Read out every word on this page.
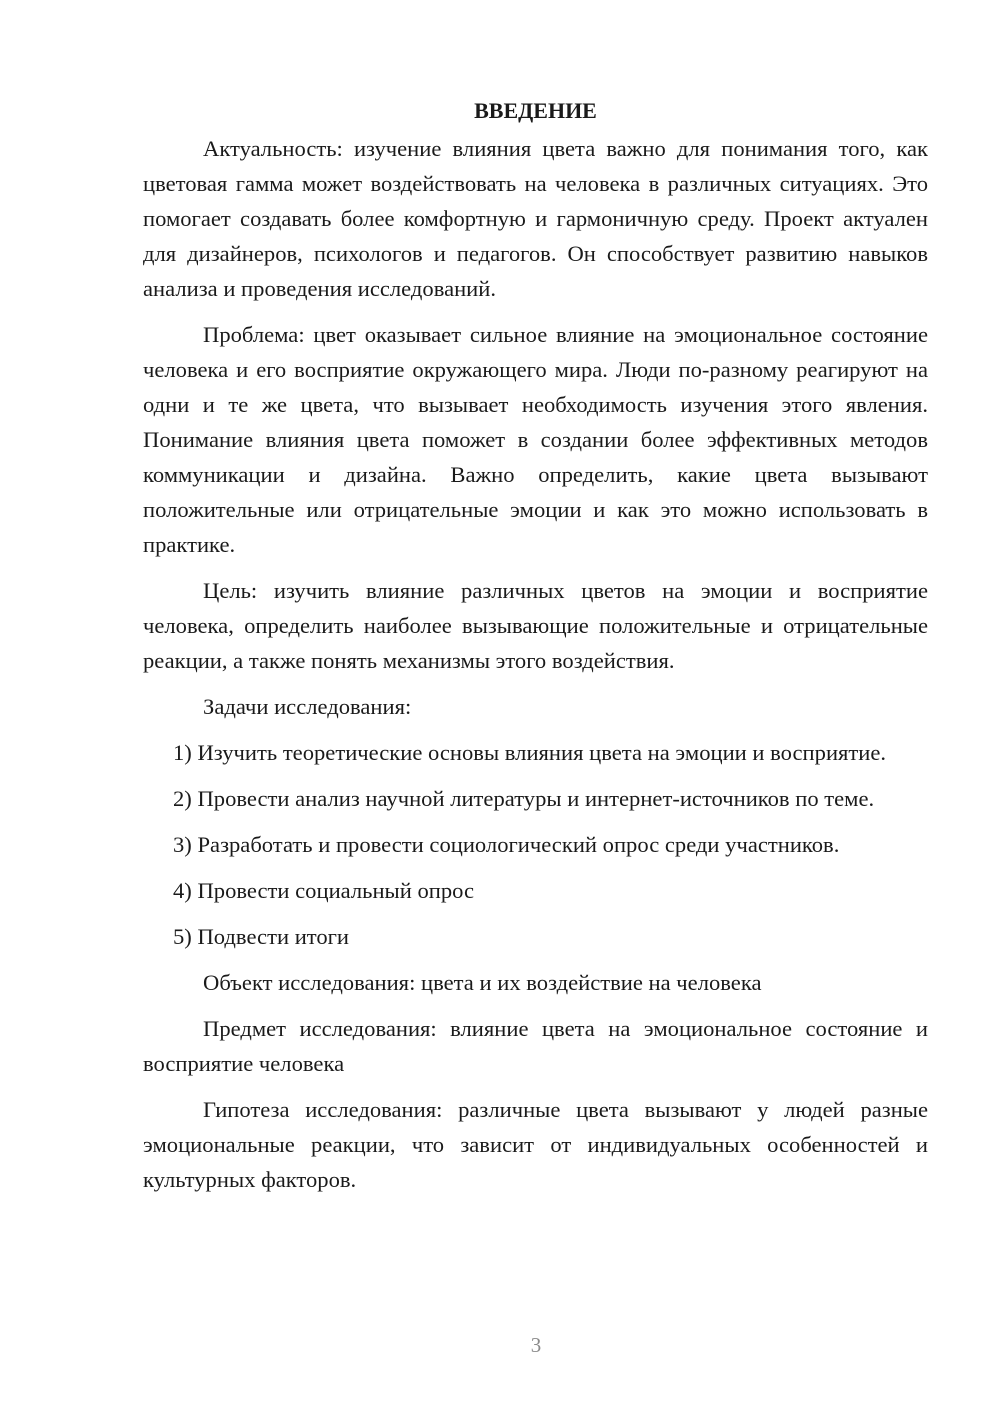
ВВЕДЕНИЕ

Актуальность: изучение влияния цвета важно для понимания того, как цветовая гамма может воздействовать на человека в различных ситуациях. Это помогает создавать более комфортную и гармоничную среду. Проект актуален для дизайнеров, психологов и педагогов. Он способствует развитию навыков анализа и проведения исследований.

Проблема: цвет оказывает сильное влияние на эмоциональное состояние человека и его восприятие окружающего мира. Люди по-разному реагируют на одни и те же цвета, что вызывает необходимость изучения этого явления. Понимание влияния цвета поможет в создании более эффективных методов коммуникации и дизайна. Важно определить, какие цвета вызывают положительные или отрицательные эмоции и как это можно использовать в практике.

Цель: изучить влияние различных цветов на эмоции и восприятие человека, определить наиболее вызывающие положительные и отрицательные реакции, а также понять механизмы этого воздействия.

Задачи исследования:

1) Изучить теоретические основы влияния цвета на эмоции и восприятие.

2) Провести анализ научной литературы и интернет-источников по теме.

3) Разработать и провести социологический опрос среди участников.

4) Провести социальный опрос

5) Подвести итоги

Объект исследования: цвета и их воздействие на человека

Предмет исследования: влияние цвета на эмоциональное состояние и восприятие человека

Гипотеза исследования: различные цвета вызывают у людей разные эмоциональные реакции, что зависит от индивидуальных особенностей и культурных факторов.

3
